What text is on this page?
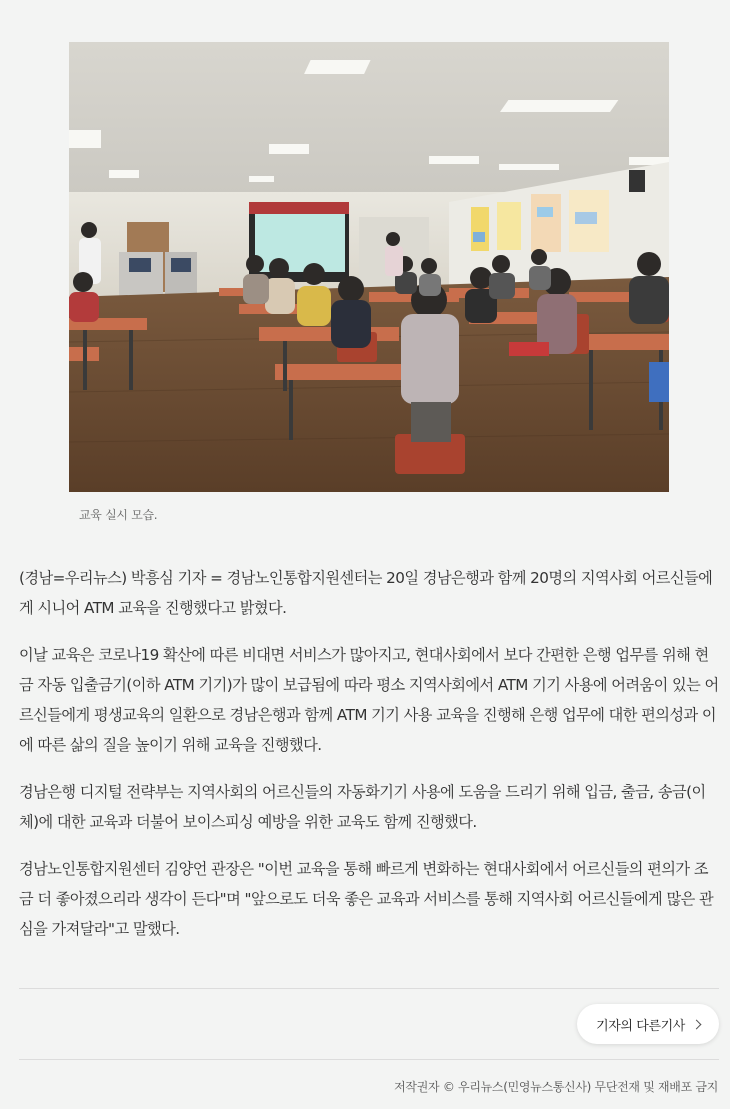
교육 실시 모습.

(경남=우리뉴스) 박흥심 기자 = 경남노인통합지원센터는 20일 경남은행과 함께 20명의 지역사회 어르신들에게 시니어 ATM 교육을 진행했다고 밝혔다.

이날 교육은 코로나19 확산에 따른 비대면 서비스가 많아지고, 현대사회에서 보다 간편한 은행 업무를 위해 현금 자동 입출금기(이하 ATM 기기)가 많이 보급됨에 따라 평소 지역사회에서 ATM 기기 사용에 어려움이 있는 어르신들에게 평생교육의 일환으로 경남은행과 함께 ATM 기기 사용 교육을 진행해 은행 업무에 대한 편의성과 이에 따른 삶의 질을 높이기 위해 교육을 진행했다.

경남은행 디지털 전략부는 지역사회의 어르신들의 자동화기기 사용에 도움을 드리기 위해 입금, 출금, 송금(이체)에 대한 교육과 더불어 보이스피싱 예방을 위한 교육도 함께 진행했다.

경남노인통합지원센터 김양언 관장은 "이번 교육을 통해 빠르게 변화하는 현대사회에서 어르신들의 편의가 조금 더 좋아졌으리라 생각이 든다"며 "앞으로도 더욱 좋은 교육과 서비스를 통해 지역사회 어르신들에게 많은 관심을 가져달라"고 말했다.

기자의 다른기사
저작권자 © 우리뉴스(민영뉴스통신사) 무단전재 및 재배포 금지
